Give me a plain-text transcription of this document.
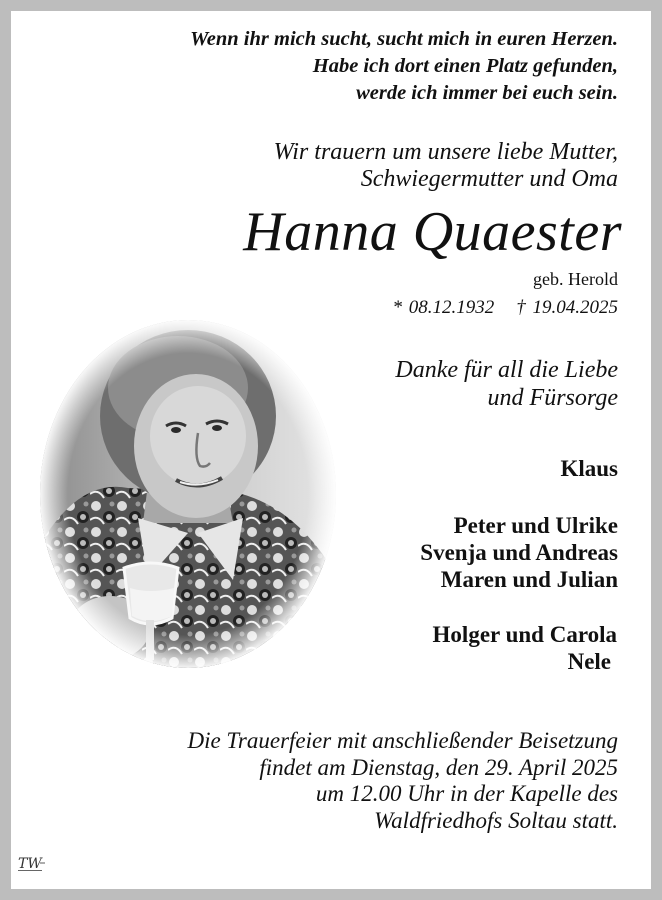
Wenn ihr mich sucht, sucht mich in euren Herzen.
Habe ich dort einen Platz gefunden,
werde ich immer bei euch sein.
Wir trauern um unsere liebe Mutter,
Schwiegermutter und Oma
Hanna Quaester
geb. Herold
* 08.12.1932 † 19.04.2025
Danke für all die Liebe
und Fürsorge
Klaus
Peter und Ulrike
Svenja und Andreas
Maren und Julian
Holger und Carola
Nele
Die Trauerfeier mit anschließender Beisetzung
findet am Dienstag, den 29. April 2025
um 12.00 Uhr in der Kapelle des
Waldfriedhofs Soltau statt.
TW
